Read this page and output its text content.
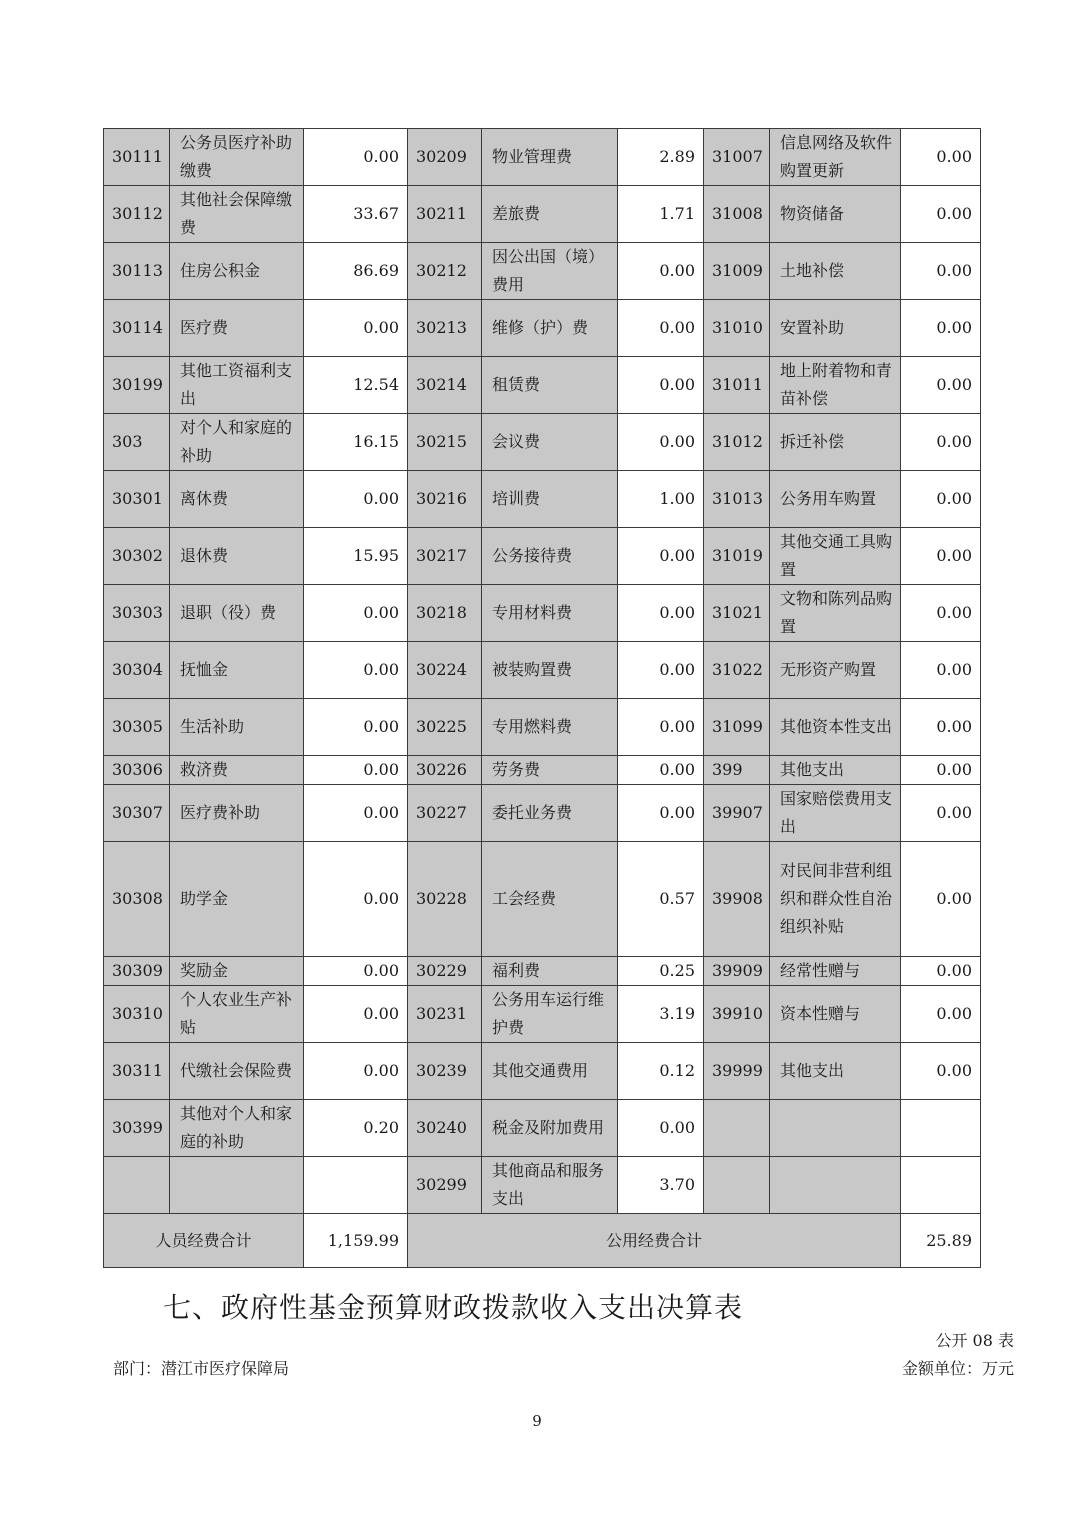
30111	公务员医疗补助缴费	0.00	30209	物业管理费	2.89	31007	信息网络及软件购置更新	0.00
30112	其他社会保障缴费	33.67	30211	差旅费	1.71	31008	物资储备	0.00
30113	住房公积金	86.69	30212	因公出国（境）费用	0.00	31009	土地补偿	0.00
30114	医疗费	0.00	30213	维修（护）费	0.00	31010	安置补助	0.00
30199	其他工资福利支出	12.54	30214	租赁费	0.00	31011	地上附着物和青苗补偿	0.00
303	对个人和家庭的补助	16.15	30215	会议费	0.00	31012	拆迁补偿	0.00
30301	离休费	0.00	30216	培训费	1.00	31013	公务用车购置	0.00
30302	退休费	15.95	30217	公务接待费	0.00	31019	其他交通工具购置	0.00
30303	退职（役）费	0.00	30218	专用材料费	0.00	31021	文物和陈列品购置	0.00
30304	抚恤金	0.00	30224	被装购置费	0.00	31022	无形资产购置	0.00
30305	生活补助	0.00	30225	专用燃料费	0.00	31099	其他资本性支出	0.00
30306	救济费	0.00	30226	劳务费	0.00	399	其他支出	0.00
30307	医疗费补助	0.00	30227	委托业务费	0.00	39907	国家赔偿费用支出	0.00
30308	助学金	0.00	30228	工会经费	0.57	39908	对民间非营利组织和群众性自治组织补贴	0.00
30309	奖励金	0.00	30229	福利费	0.25	39909	经常性赠与	0.00
30310	个人农业生产补贴	0.00	30231	公务用车运行维护费	3.19	39910	资本性赠与	0.00
30311	代缴社会保险费	0.00	30239	其他交通费用	0.12	39999	其他支出	0.00
30399	其他对个人和家庭的补助	0.20	30240	税金及附加费用	0.00		

		30299	其他商品和服务支出	3.70		

人员经费合计		1,159.99	公用经费合计					25.89
七、政府性基金预算财政拨款收入支出决算表
公开 08 表
部门：潜江市医疗保障局	金额单位：万元
9
